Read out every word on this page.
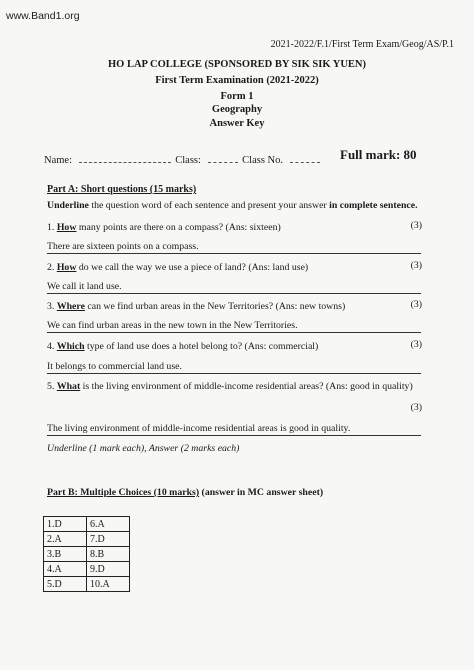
www.Band1.org
2021-2022/F.1/First Term Exam/Geog/AS/P.1
HO LAP COLLEGE (SPONSORED BY SIK SIK YUEN)
First Term Examination (2021-2022)
Form 1
Geography
Answer Key
Name:	Class:	Class No.	Full mark: 80
Part A: Short questions (15 marks)
Underline the question word of each sentence and present your answer in complete sentence.
1. How many points are there on a compass? (Ans: sixteen)	(3)
There are sixteen points on a compass.
2. How do we call the way we use a piece of land? (Ans: land use)	(3)
We call it land use.
3. Where can we find urban areas in the New Territories? (Ans: new towns)	(3)
We can find urban areas in the new town in the New Territories.
4. Which type of land use does a hotel belong to? (Ans: commercial)	(3)
It belongs to commercial land use.
5. What is the living environment of middle-income residential areas? (Ans: good in quality)
(3)
The living environment of middle-income residential areas is good in quality.
Underline (1 mark each), Answer (2 marks each)
Part B: Multiple Choices (10 marks) (answer in MC answer sheet)
1.D	6.A
2.A	7.D
3.B	8.B
4.A	9.D
5.D	10.A
